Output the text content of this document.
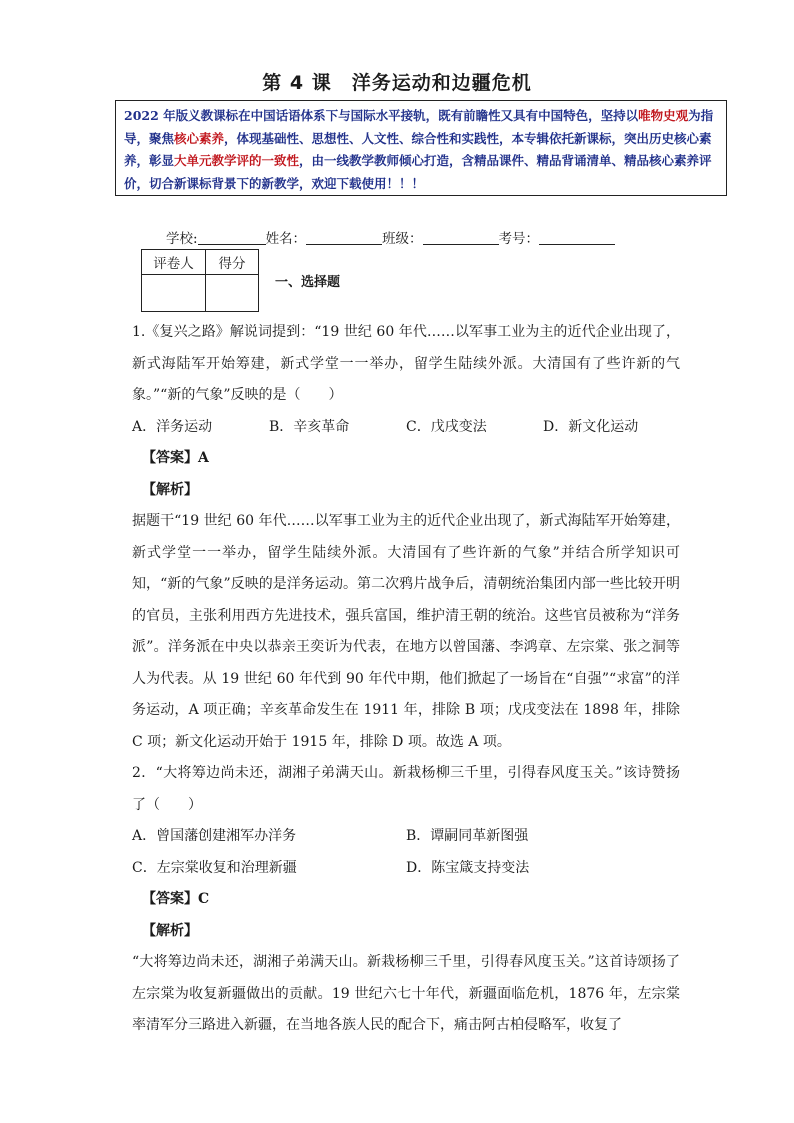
第 4 课　洋务运动和边疆危机
2022 年版义教课标在中国话语体系下与国际水平接轨，既有前瞻性又具有中国特色，坚持以唯物史观为指导，聚焦核心素养，体现基础性、思想性、人文性、综合性和实践性，本专辑依托新课标，突出历史核心素养，彰显大单元教学评的一致性，由一线教学教师倾心打造，含精品课件、精品背诵清单、精品核心素养评价，切合新课标背景下的新教学，欢迎下载使用！！！
学校:	姓名：	班级：	考号：
评卷人	得分

一、选择题

1.《复兴之路》解说词提到：“19 世纪 60 年代……以军事工业为主的近代企业出现了，新式海陆军开始筹建，新式学堂一一举办，留学生陆续外派。大清国有了些许新的气象。”“新的气象”反映的是（　　）

A．洋务运动	B．辛亥革命	C．戊戌变法	D．新文化运动

【答案】A

【解析】

据题干“19 世纪 60 年代……以军事工业为主的近代企业出现了，新式海陆军开始筹建，新式学堂一一举办，留学生陆续外派。大清国有了些许新的气象”并结合所学知识可知，“新的气象”反映的是洋务运动。第二次鸦片战争后，清朝统治集团内部一些比较开明的官员，主张利用西方先进技术，强兵富国，维护清王朝的统治。这些官员被称为“洋务派”。洋务派在中央以恭亲王奕䜣为代表，在地方以曾国藩、李鸿章、左宗棠、张之洞等人为代表。从 19 世纪 60 年代到 90 年代中期，他们掀起了一场旨在“自强”“求富”的洋务运动，A 项正确；辛亥革命发生在 1911 年，排除 B 项；戊戌变法在 1898 年，排除 C 项；新文化运动开始于 1915 年，排除 D 项。故选 A 项。

2．“大将筹边尚未还，湖湘子弟满天山。新栽杨柳三千里，引得春风度玉关。”该诗赞扬了（　　）

A．曾国藩创建湘军办洋务	B．谭嗣同革新图强
C．左宗棠收复和治理新疆	D．陈宝箴支持变法

【答案】C

【解析】

“大将筹边尚未还，湖湘子弟满天山。新栽杨柳三千里，引得春风度玉关。”这首诗颂扬了左宗棠为收复新疆做出的贡献。19 世纪六七十年代，新疆面临危机，1876 年，左宗棠率清军分三路进入新疆，在当地各族人民的配合下，痛击阿古柏侵略军，收复了
